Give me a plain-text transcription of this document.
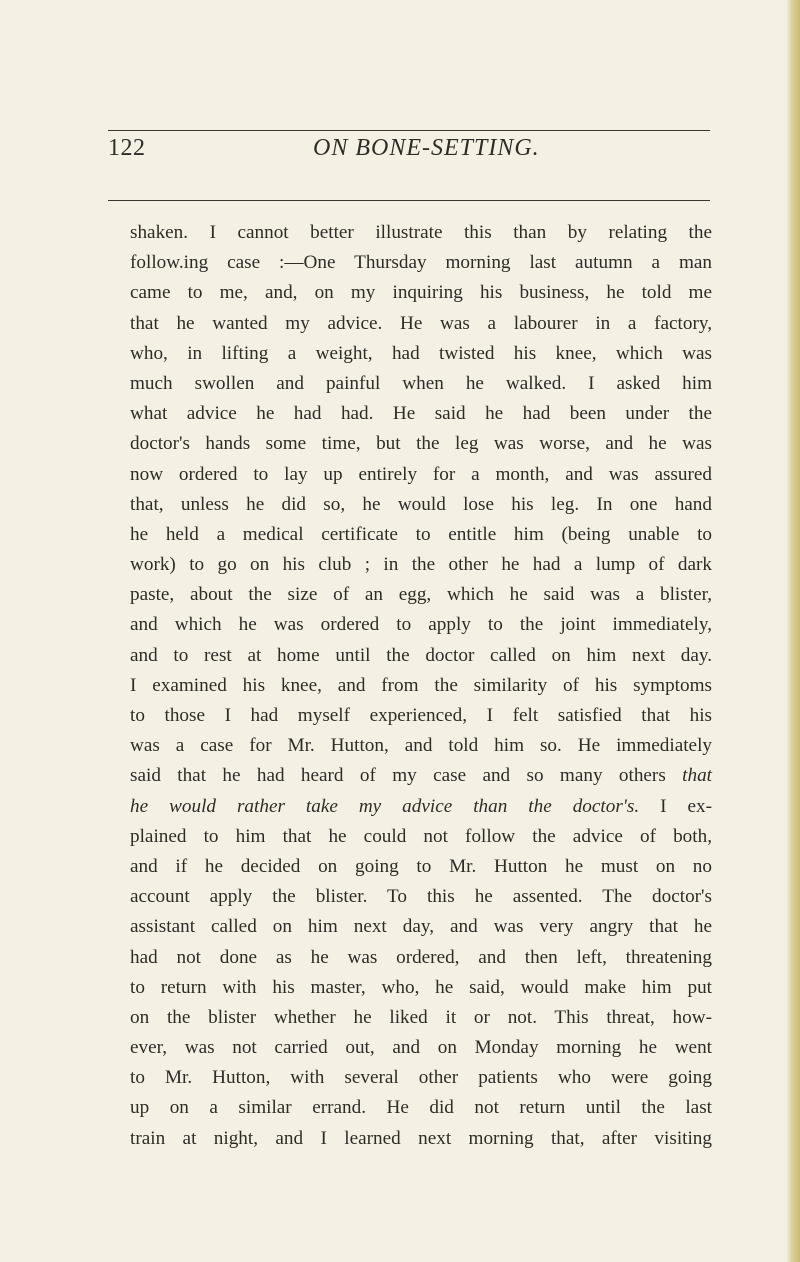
122	ON BONE-SETTING.
shaken. I cannot better illustrate this than by relating the
follow.ing case :—One Thursday morning last autumn a man
came to me, and, on my inquiring his business, he told me
that he wanted my advice. He was a labourer in a factory,
who, in lifting a weight, had twisted his knee, which was
much swollen and painful when he walked. I asked him
what advice he had had. He said he had been under the
doctor's hands some time, but the leg was worse, and he was
now ordered to lay up entirely for a month, and was assured
that, unless he did so, he would lose his leg. In one hand
he held a medical certificate to entitle him (being unable to
work) to go on his club ; in the other he had a lump of dark
paste, about the size of an egg, which he said was a blister,
and which he was ordered to apply to the joint immediately,
and to rest at home until the doctor called on him next day.
I examined his knee, and from the similarity of his symptoms
to those I had myself experienced, I felt satisfied that his
was a case for Mr. Hutton, and told him so. He immediately
said that he had heard of my case and so many others that
he would rather take my advice than the doctor's. I ex-
plained to him that he could not follow the advice of both,
and if he decided on going to Mr. Hutton he must on no
account apply the blister. To this he assented. The doctor's
assistant called on him next day, and was very angry that he
had not done as he was ordered, and then left, threatening
to return with his master, who, he said, would make him put
on the blister whether he liked it or not. This threat, how-
ever, was not carried out, and on Monday morning he went
to Mr. Hutton, with several other patients who were going
up on a similar errand. He did not return until the last
train at night, and I learned next morning that, after visiting
